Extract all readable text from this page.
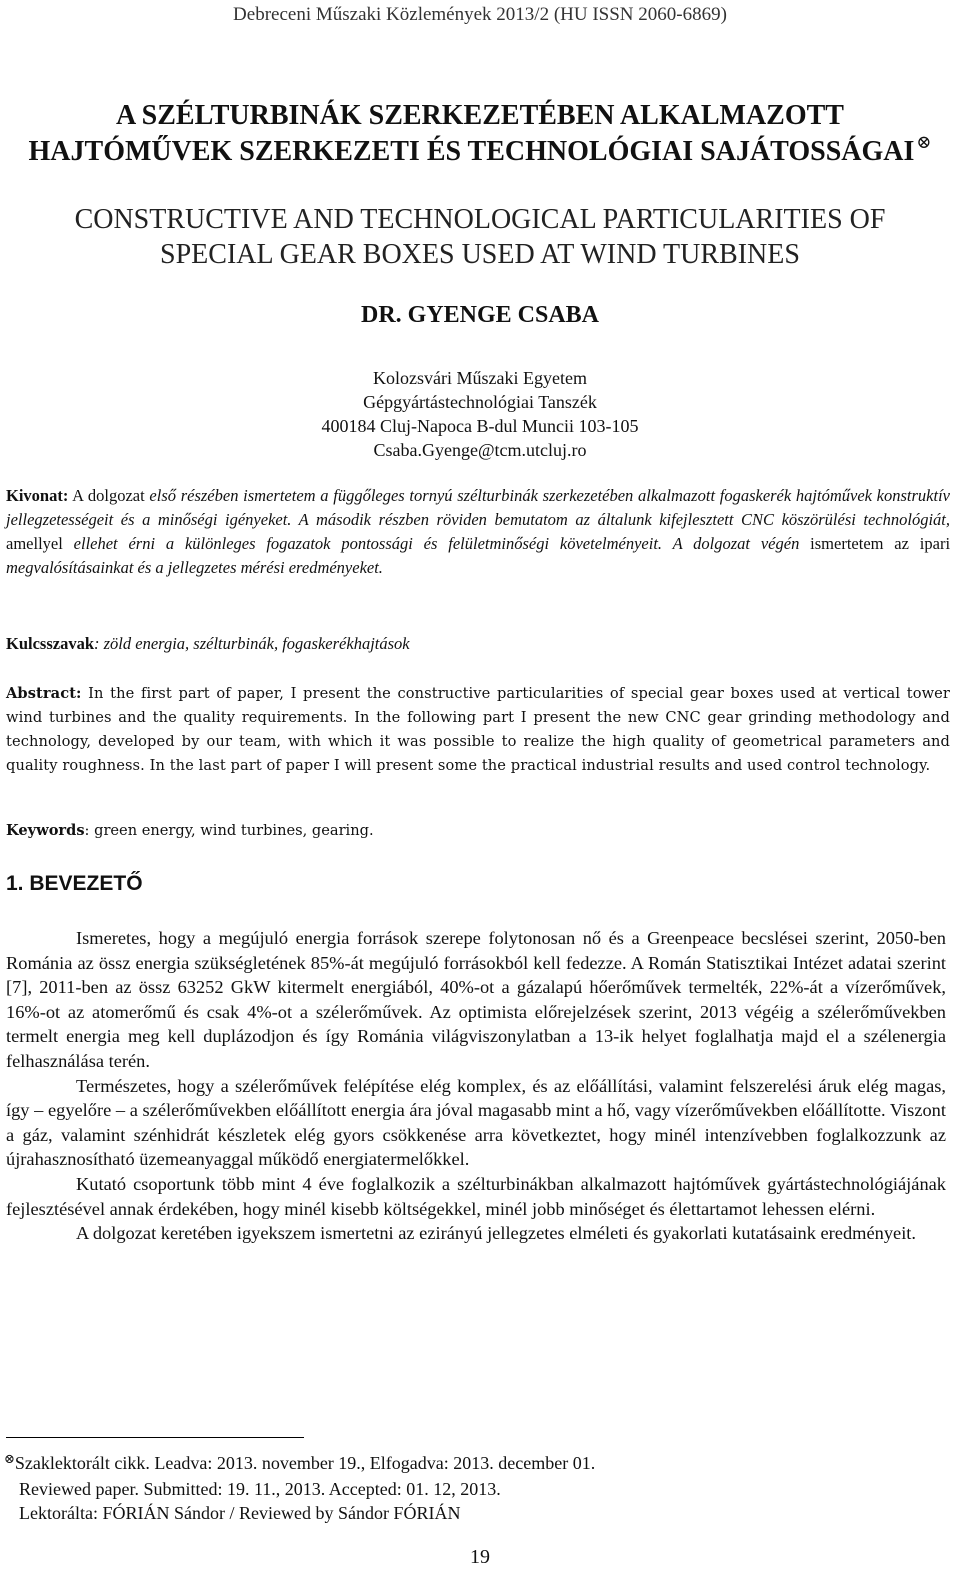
Debreceni Műszaki Közlemények 2013/2 (HU ISSN 2060-6869)
A SZÉLTURBINÁK SZERKEZETÉBEN ALKALMAZOTT
HAJTÓMŰVEK SZERKEZETI ÉS TECHNOLÓGIAI SAJÁTOSSÁGAI ⊗
CONSTRUCTIVE AND TECHNOLOGICAL PARTICULARITIES OF
SPECIAL GEAR BOXES USED AT WIND TURBINES
DR. GYENGE CSABA
Kolozsvári Műszaki Egyetem
Gépgyártástechnológiai Tanszék
400184 Cluj-Napoca B-dul Muncii 103-105
Csaba.Gyenge@tcm.utcluj.ro
Kivonat: A dolgozat első részében ismertetem a függőleges tornyú szélturbinák szerkezetében alkalmazott fogaskerék hajtóművek konstruktív jellegzetességeit és a minőségi igényeket. A második részben röviden bemutatom az általunk kifejlesztett CNC köszörülési technológiát, amellyel ellehet érni a különleges fogazatok pontossági és felületminőségi követelményeit. A dolgozat végén ismertetem az ipari megvalósításainkat és a jellegzetes mérési eredményeket.
Kulcsszavak: zöld energia, szélturbinák, fogaskerékhajtások
Abstract: In the first part of paper, I present the constructive particularities of special gear boxes used at vertical tower wind turbines and the quality requirements. In the following part I present the new CNC gear grinding methodology and technology, developed by our team, with which it was possible to realize the high quality of geometrical parameters and quality roughness. In the last part of paper I will present some the practical industrial results and used control technology.
Keywords: green energy, wind turbines, gearing.
1. BEVEZETŐ

Ismeretes, hogy a megújuló energia források szerepe folytonosan nő és a Greenpeace becslései szerint, 2050-ben Románia az össz energia szükségletének 85%-át megújuló forrásokból kell fedezze. A Román Statisztikai Intézet adatai szerint [7], 2011-ben az össz 63252 GkW kitermelt energiából, 40%-ot a gázalapú hőerőművek termelték, 22%-át a vízerőművek, 16%-ot az atomerőmű és csak 4%-ot a szélerőművek. Az optimista előrejelzések szerint, 2013 végéig a szélerőművekben termelt energia meg kell duplázodjon és így Románia világviszonylatban a 13-ik helyet foglalhatja majd el a szélenergia felhasználása terén.

Természetes, hogy a szélerőművek felépítése elég komplex, és az előállítási, valamint felszerelési áruk elég magas, így – egyelőre – a szélerőművekben előállított energia ára jóval magasabb mint a hő, vagy vízerőművekben előállítotte. Viszont a gáz, valamint szénhidrát készletek elég gyors csökkenése arra következtet, hogy minél intenzívebben foglalkozzunk az újrahasznosítható üzemeanyaggal működő energiatermelőkkel.

Kutató csoportunk több mint 4 éve foglalkozik a szélturbinákban alkalmazott hajtóművek gyártástechnológiájának fejlesztésével annak érdekében, hogy minél kisebb költségekkel, minél jobb minőséget és élettartamot lehessen elérni.

A dolgozat keretében igyekszem ismertetni az ezirányú jellegzetes elméleti és gyakorlati kutatásaink eredményeit.

⊗Szaklektorált cikk. Leadva: 2013. november 19., Elfogadva: 2013. december 01.
Reviewed paper. Submitted: 19. 11., 2013. Accepted: 01. 12, 2013.
Lektorálta: FÓRIÁN Sándor / Reviewed by Sándor FÓRIÁN
19
